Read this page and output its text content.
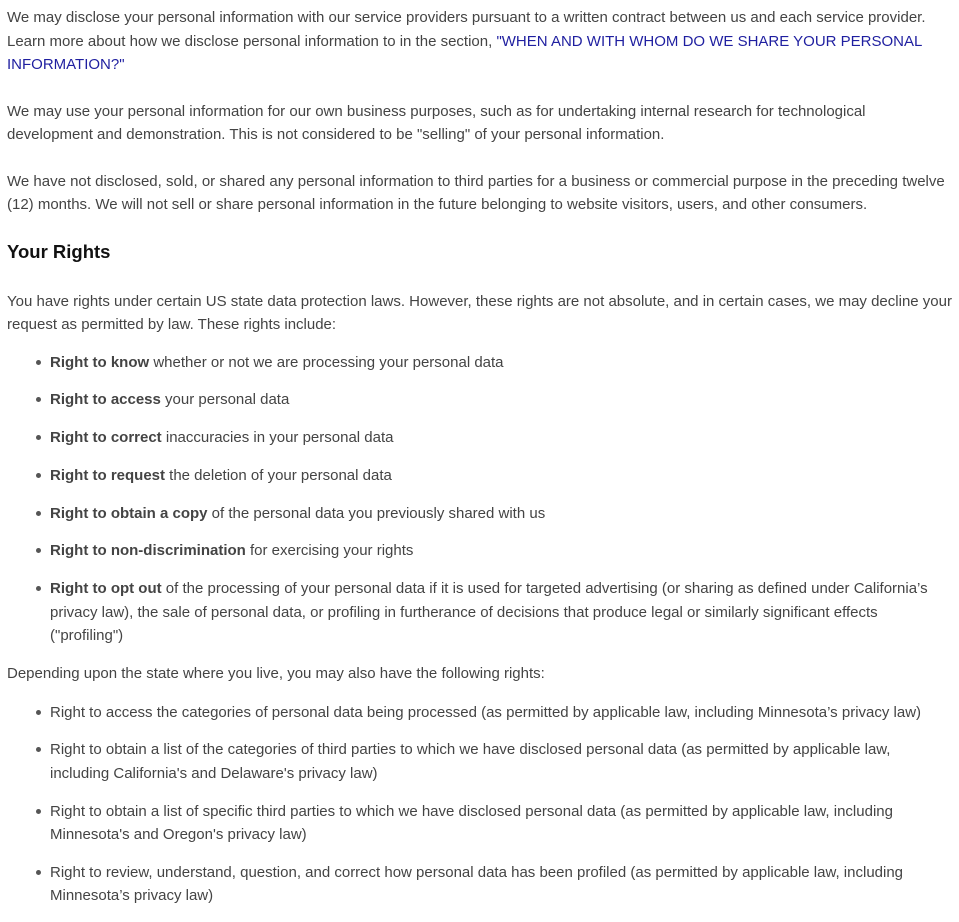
We may disclose your personal information with our service providers pursuant to a written contract between us and each service provider. Learn more about how we disclose personal information to in the section, "WHEN AND WITH WHOM DO WE SHARE YOUR PERSONAL INFORMATION?"

We may use your personal information for our own business purposes, such as for undertaking internal research for technological development and demonstration. This is not considered to be "selling" of your personal information.

We have not disclosed, sold, or shared any personal information to third parties for a business or commercial purpose in the preceding twelve (12) months. We will not sell or share personal information in the future belonging to website visitors, users, and other consumers.

Your Rights

You have rights under certain US state data protection laws. However, these rights are not absolute, and in certain cases, we may decline your request as permitted by law. These rights include:

Right to know whether or not we are processing your personal data
Right to access your personal data
Right to correct inaccuracies in your personal data
Right to request the deletion of your personal data
Right to obtain a copy of the personal data you previously shared with us
Right to non-discrimination for exercising your rights
Right to opt out of the processing of your personal data if it is used for targeted advertising (or sharing as defined under California’s privacy law), the sale of personal data, or profiling in furtherance of decisions that produce legal or similarly significant effects ("profiling")

Depending upon the state where you live, you may also have the following rights:

Right to access the categories of personal data being processed (as permitted by applicable law, including Minnesota’s privacy law)
Right to obtain a list of the categories of third parties to which we have disclosed personal data (as permitted by applicable law, including California's and Delaware's privacy law)
Right to obtain a list of specific third parties to which we have disclosed personal data (as permitted by applicable law, including Minnesota's and Oregon's privacy law)
Right to review, understand, question, and correct how personal data has been profiled (as permitted by applicable law, including Minnesota’s privacy law)
